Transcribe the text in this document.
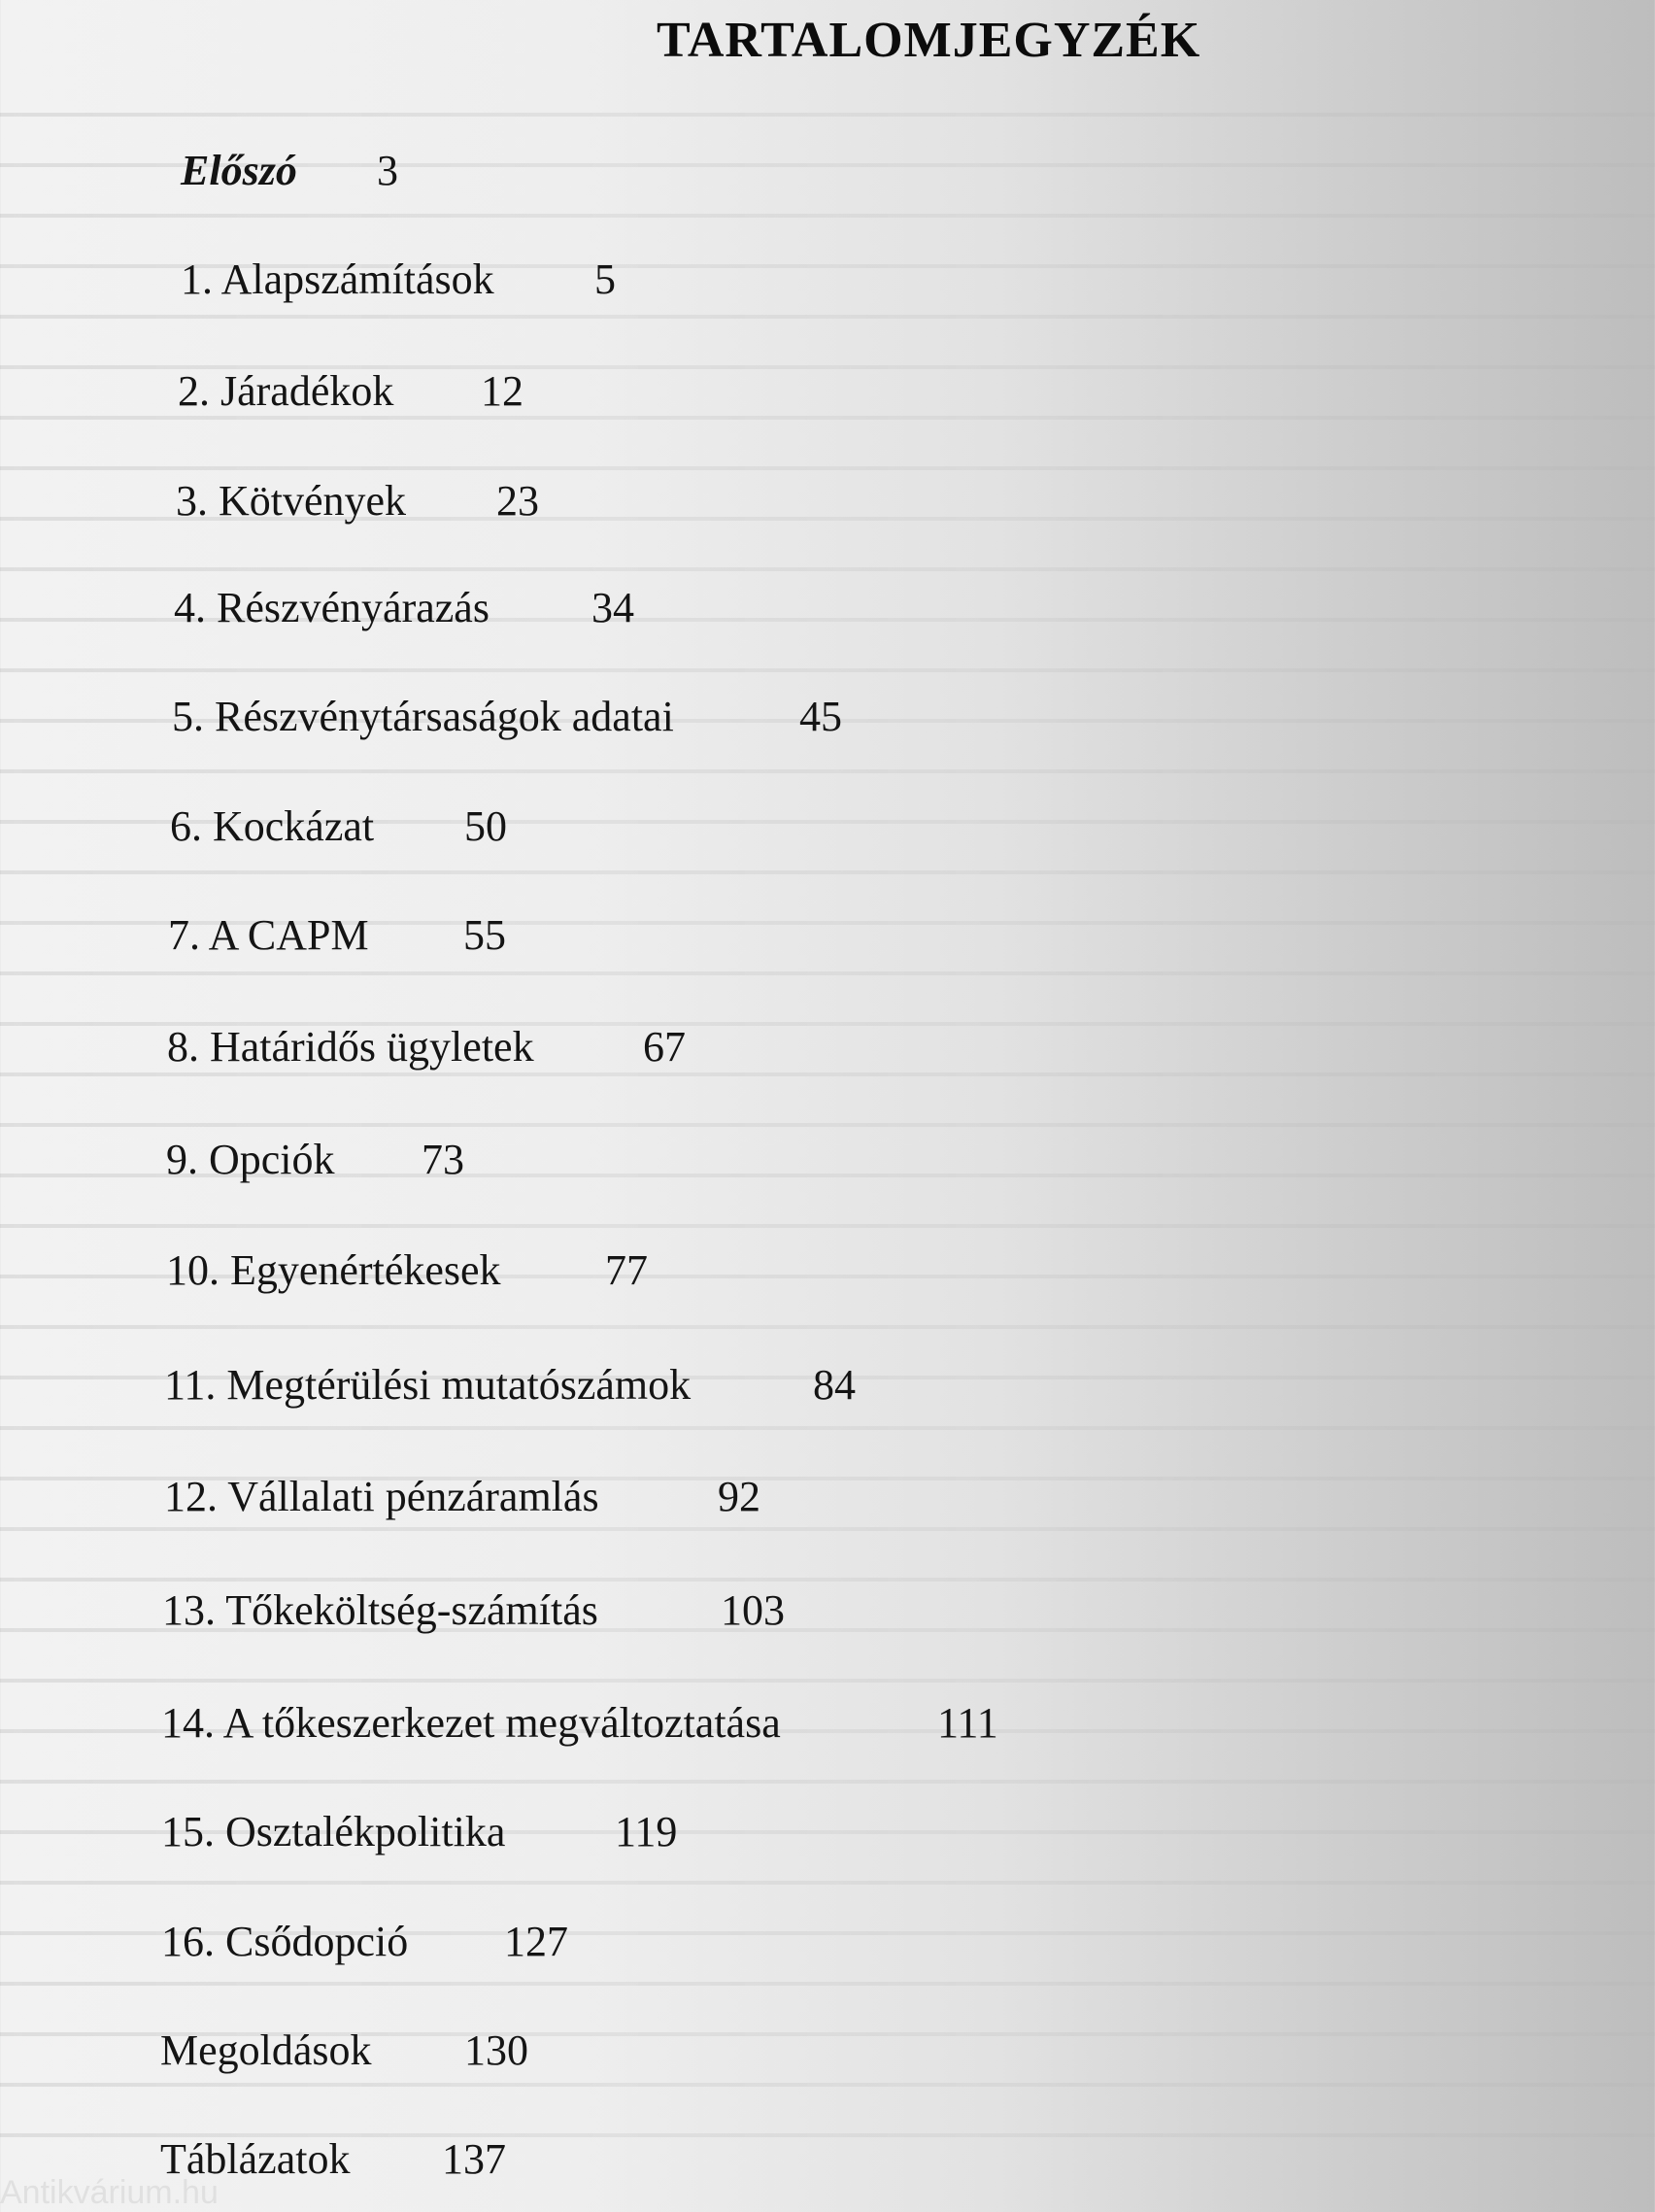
TARTALOMJEGYZÉK
Előszó 3
1. Alapszámítások 5
2. Járadékok 12
3. Kötvények 23
4. Részvényárazás 34
5. Részvénytársaságok adatai	45
6. Kockázat 50
7. A CAPM 55
8. Határidős ügyletek	67
9. Opciók 73
10. Egyenértékesek 77
11. Megtérülési mutatószámok	84
12. Vállalati pénzáramlás	92
13. Tőkeköltség-számítás	103
14. A tőkeszerkezet megváltoztatása	111
15. Osztalékpolitika	119
16. Csődopció 127
Megoldások 130
Táblázatok 137
Antikvárium.hu
